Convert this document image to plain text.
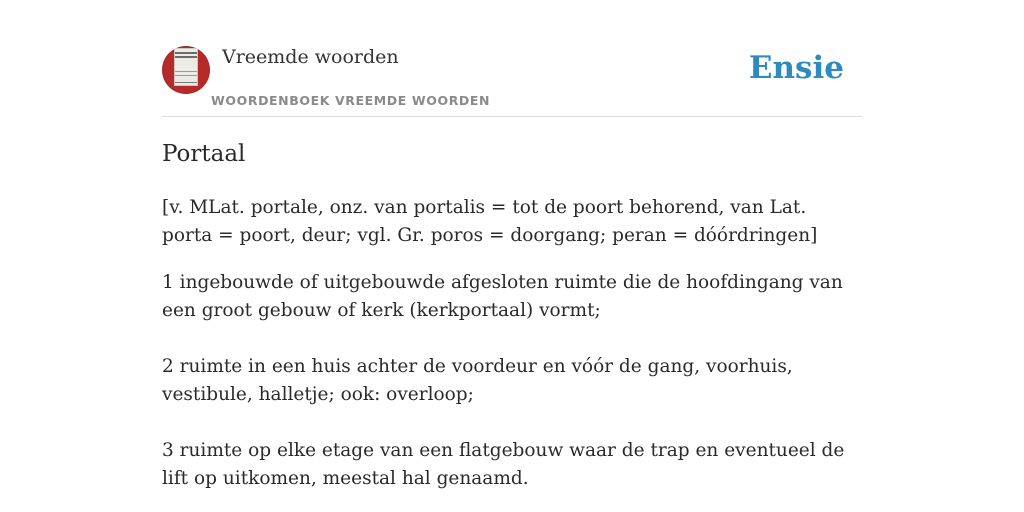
Vreemde woorden
WOORDENBOEK VREEMDE WOORDEN
Ensie
Portaal

[v. MLat. portale, onz. van portalis = tot de poort behorend, van Lat. porta = poort, deur; vgl. Gr. poros = doorgang; peran = dóórdringen]

1 ingebouwde of uitgebouwde afgesloten ruimte die de hoofdingang van een groot gebouw of kerk (kerkportaal) vormt;

2 ruimte in een huis achter de voordeur en vóór de gang, voorhuis, vestibule, halletje; ook: overloop;

3 ruimte op elke etage van een flatgebouw waar de trap en eventueel de lift op uitkomen, meestal hal genaamd.
